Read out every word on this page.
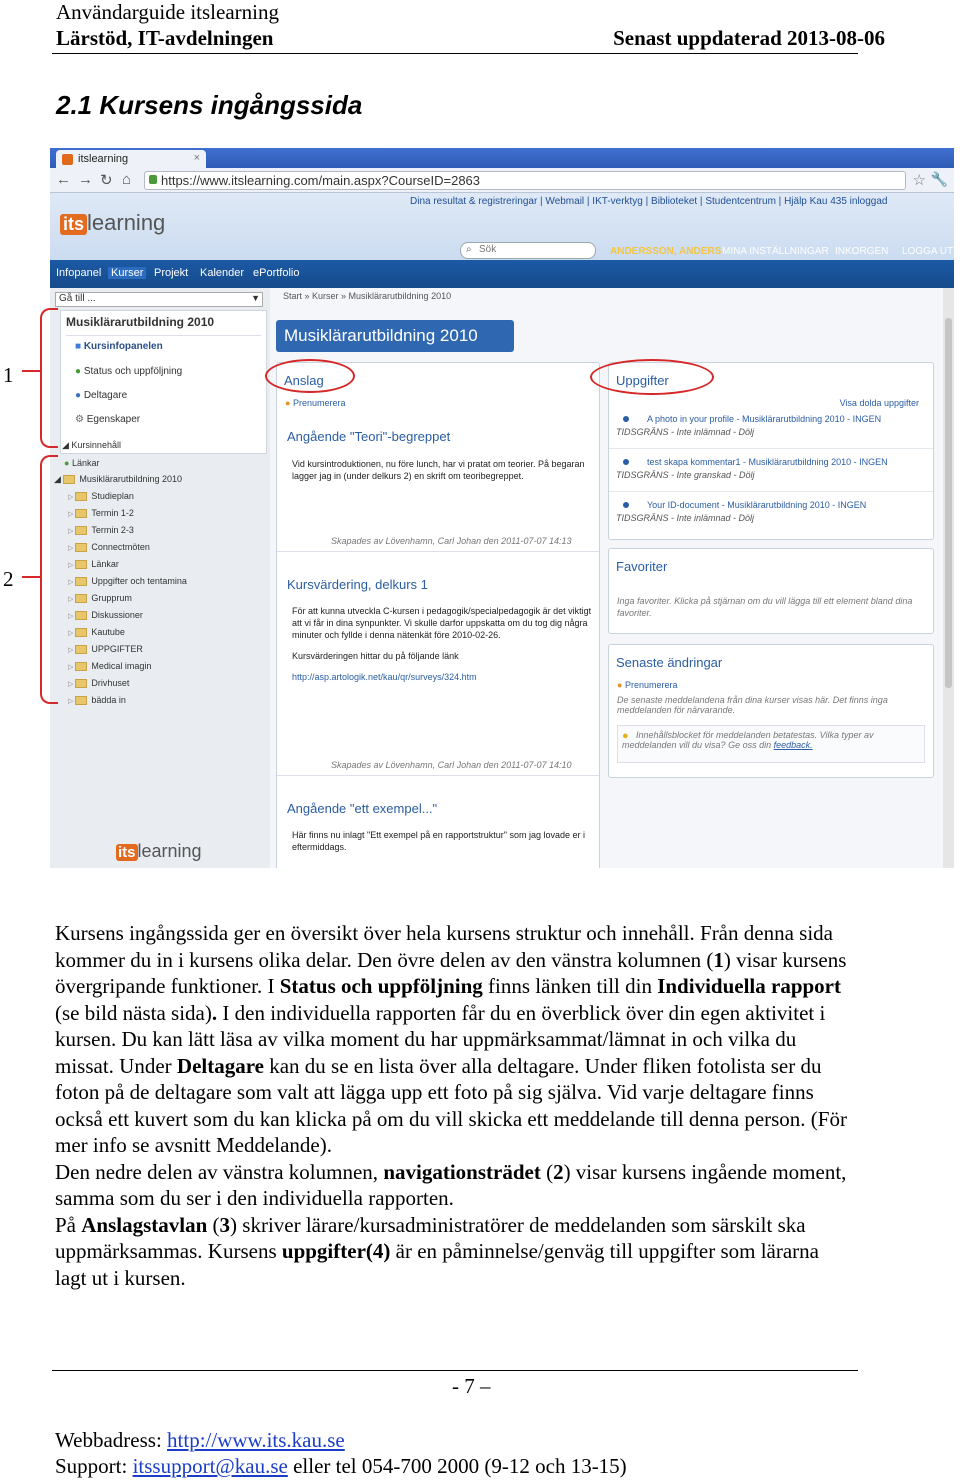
Användarguide itslearning
Lärstöd, IT-avdelningen	Senast uppdaterad 2013-08-06
2.1 Kursens ingångssida
1
2
itslearning	×
← → ↻ ⌂ https://www.itslearning.com/main.aspx?CourseID=2863	☆ 🔧
Dina resultat & registreringar | Webmail | IKT-verktyg | Biblioteket | Studentcentrum | Hjälp Kau 435 inloggad
its learning
⌕ Sök
Infopanel Kurser Projekt Kalender ePortfolio
ANDERSSON, ANDERS MINA INSTÄLLNINGAR INKORGEN LOGGA UT
Gå till ...	▼
Musiklärarutbildning 2010
■ Kursinfopanelen
● Status och uppföljning
● Deltagare
⚙ Egenskaper
◢ Kursinnehåll
● Länkar
◢ Musiklärarutbildning 2010
▷ Studieplan
▷ Termin 1-2
▷ Termin 2-3
▷ Connectmöten
▷ Länkar
▷ Uppgifter och tentamina
▷ Grupprum
▷ Diskussioner
▷ Kautube
▷ UPPGIFTER
▷ Medical imagin
▷ Drivhuset
▷ bädda in
its learning
Start » Kurser » Musiklärarutbildning 2010
Musiklärarutbildning 2010
Anslag
● Prenumerera
Angående "Teori"-begreppet
Vid kursintroduktionen, nu före lunch, har vi pratat om teorier. På begaran lagger jag in (under delkurs 2) en skrift om teoribegreppet.
Skapades av Lövenhamn, Carl Johan den 2011-07-07 14:13
Kursvärdering, delkurs 1
För att kunna utveckla C-kursen i pedagogik/specialpedagogik är det viktigt att vi får in dina synpunkter. Vi skulle darfor uppskatta om du tog dig några minuter och fyllde i denna nätenkät före 2010-02-26.
Kursvärderingen hittar du på följande länk
http://asp.artologik.net/kau/qr/surveys/324.htm
Skapades av Lövenhamn, Carl Johan den 2011-07-07 14:10
Angående "ett exempel..."
Här finns nu inlagt "Ett exempel på en rapportstruktur" som jag lovade er i eftermiddags.
Uppgifter
Visa dolda uppgifter
A photo in your profile - Musiklärarutbildning 2010 - INGEN
TIDSGRÄNS - Inte inlämnad - Dölj
test skapa kommentar1 - Musiklärarutbildning 2010 - INGEN
TIDSGRÄNS - Inte granskad - Dölj
Your ID-document - Musiklärarutbildning 2010 - INGEN
TIDSGRÄNS - Inte inlämnad - Dölj
Favoriter
Inga favoriter. Klicka på stjärnan om du vill lägga till ett element bland dina favoriter.
Senaste ändringar
● Prenumerera
De senaste meddelandena från dina kurser visas här. Det finns inga meddelanden för närvarande.
● Innehållsblocket för meddelanden betatestas. Vilka typer av meddelanden vill du visa? Ge oss din feedback.

Kursens ingångssida ger en översikt över hela kursens struktur och innehåll. Från denna sida kommer du in i kursens olika delar. Den övre delen av den vänstra kolumnen (1) visar kursens övergripande funktioner. I Status och uppföljning finns länken till din Individuella rapport (se bild nästa sida). I den individuella rapporten får du en överblick över din egen aktivitet i kursen. Du kan lätt läsa av vilka moment du har uppmärksammat/lämnat in och vilka du missat. Under Deltagare kan du se en lista över alla deltagare. Under fliken fotolista ser du foton på de deltagare som valt att lägga upp ett foto på sig själva. Vid varje deltagare finns också ett kuvert som du kan klicka på om du vill skicka ett meddelande till denna person. (För mer info se avsnitt Meddelande).

Den nedre delen av vänstra kolumnen, navigationsträdet (2) visar kursens ingående moment, samma som du ser i den individuella rapporten.

På Anslagstavlan (3) skriver lärare/kursadministratörer de meddelanden som särskilt ska uppmärksammas. Kursens uppgifter(4) är en påminnelse/genväg till uppgifter som lärarna lagt ut i kursen.

- 7 –
Webbadress: http://www.its.kau.se
Support: itssupport@kau.se eller tel 054-700 2000 (9-12 och 13-15)
